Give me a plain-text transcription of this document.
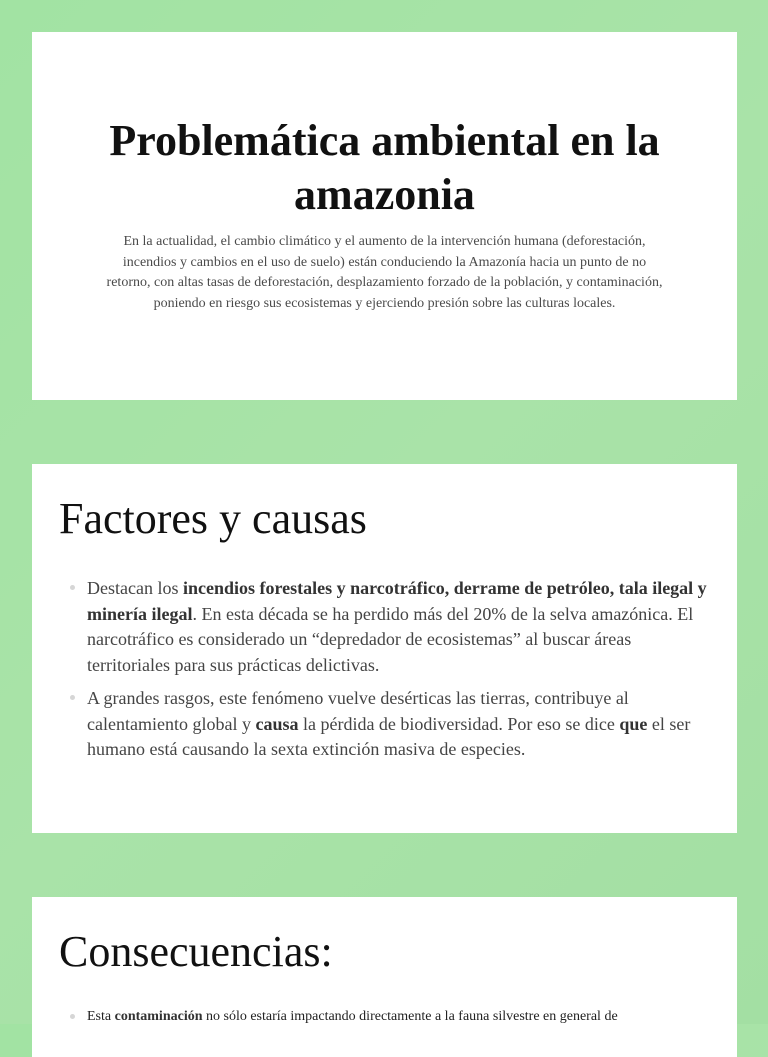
Problemática ambiental en la amazonia

En la actualidad, el cambio climático y el aumento de la intervención humana (deforestación, incendios y cambios en el uso de suelo) están conduciendo la Amazonía hacia un punto de no retorno, con altas tasas de deforestación, desplazamiento forzado de la población, y contaminación, poniendo en riesgo sus ecosistemas y ejerciendo presión sobre las culturas locales.

Factores y causas
Destacan los incendios forestales y narcotráfico, derrame de petróleo, tala ilegal y minería ilegal. En esta década se ha perdido más del 20% de la selva amazónica. El narcotráfico es considerado un “depredador de ecosistemas” al buscar áreas territoriales para sus prácticas delictivas.
A grandes rasgos, este fenómeno vuelve desérticas las tierras, contribuye al calentamiento global y causa la pérdida de biodiversidad. Por eso se dice que el ser humano está causando la sexta extinción masiva de especies.
Consecuencias:
Esta contaminación no sólo estaría impactando directamente a la fauna silvestre en general de
